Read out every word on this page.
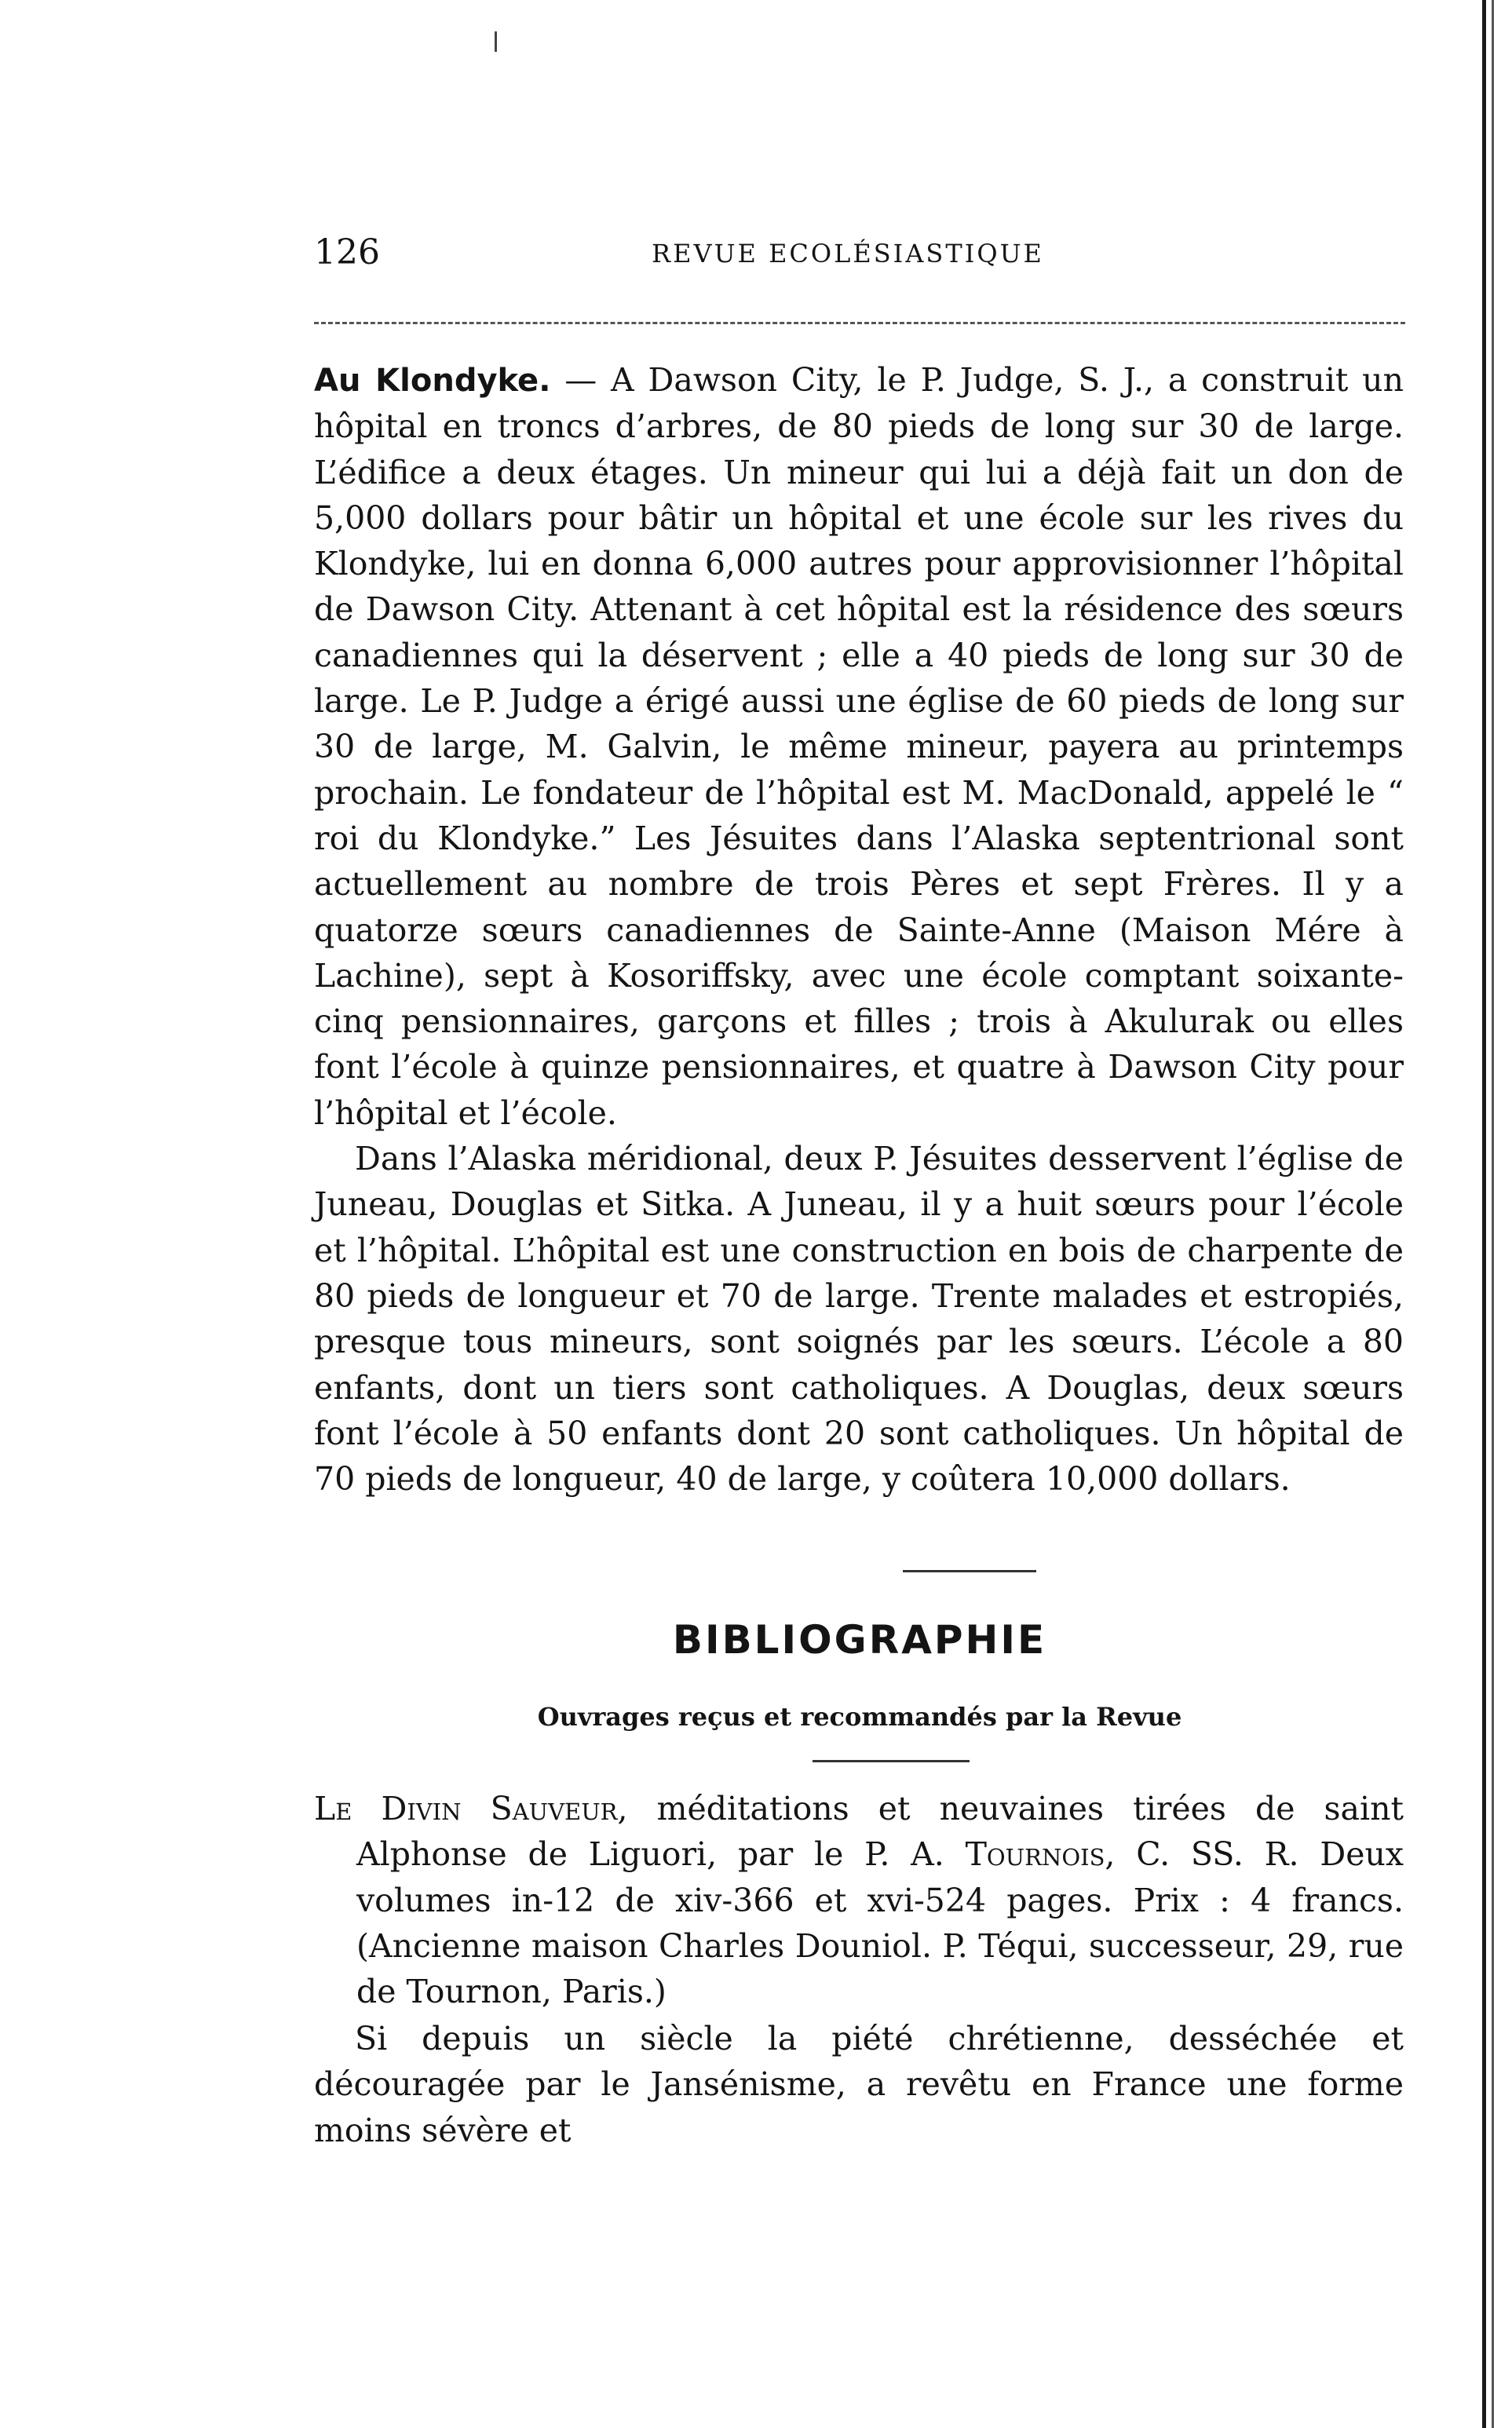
126	REVUE ECOLÉSIASTIQUE

Au Klondyke. — A Dawson City, le P. Judge, S. J., a construit un hôpital en troncs d’arbres, de 80 pieds de long sur 30 de large. L’édifice a deux étages. Un mineur qui lui a déjà fait un don de 5,000 dollars pour bâtir un hôpital et une école sur les rives du Klondyke, lui en donna 6,000 autres pour approvisionner l’hôpital de Dawson City. Attenant à cet hôpital est la résidence des sœurs canadiennes qui la déservent ; elle a 40 pieds de long sur 30 de large. Le P. Judge a érigé aussi une église de 60 pieds de long sur 30 de large, M. Galvin, le même mineur, payera au printemps prochain. Le fondateur de l’hôpital est M. MacDonald, appelé le “ roi du Klondyke.” Les Jésuites dans l’Alaska septentrional sont actuellement au nombre de trois Pères et sept Frères. Il y a quatorze sœurs canadiennes de Sainte-Anne (Maison Mére à Lachine), sept à Kosoriffsky, avec une école comptant soixante-cinq pensionnaires, garçons et filles ; trois à Akulurak ou elles font l’école à quinze pensionnaires, et quatre à Dawson City pour l’hôpital et l’école.

Dans l’Alaska méridional, deux P. Jésuites desservent l’église de Juneau, Douglas et Sitka. A Juneau, il y a huit sœurs pour l’école et l’hôpital. L’hôpital est une construction en bois de charpente de 80 pieds de longueur et 70 de large. Trente malades et estropiés, presque tous mineurs, sont soignés par les sœurs. L’école a 80 enfants, dont un tiers sont catholiques. A Douglas, deux sœurs font l’école à 50 enfants dont 20 sont catholiques. Un hôpital de 70 pieds de longueur, 40 de large, y coûtera 10,000 dollars.

BIBLIOGRAPHIE
Ouvrages reçus et recommandés par la Revue
Le Divin Sauveur, méditations et neuvaines tirées de saint Alphonse de Liguori, par le P. A. Tournois, C. SS. R. Deux volumes in-12 de xiv-366 et xvi-524 pages. Prix : 4 francs. (Ancienne maison Charles Douniol. P. Téqui, successeur, 29, rue de Tournon, Paris.)
Si depuis un siècle la piété chrétienne, desséchée et découragée par le Jansénisme, a revêtu en France une forme moins sévère et
